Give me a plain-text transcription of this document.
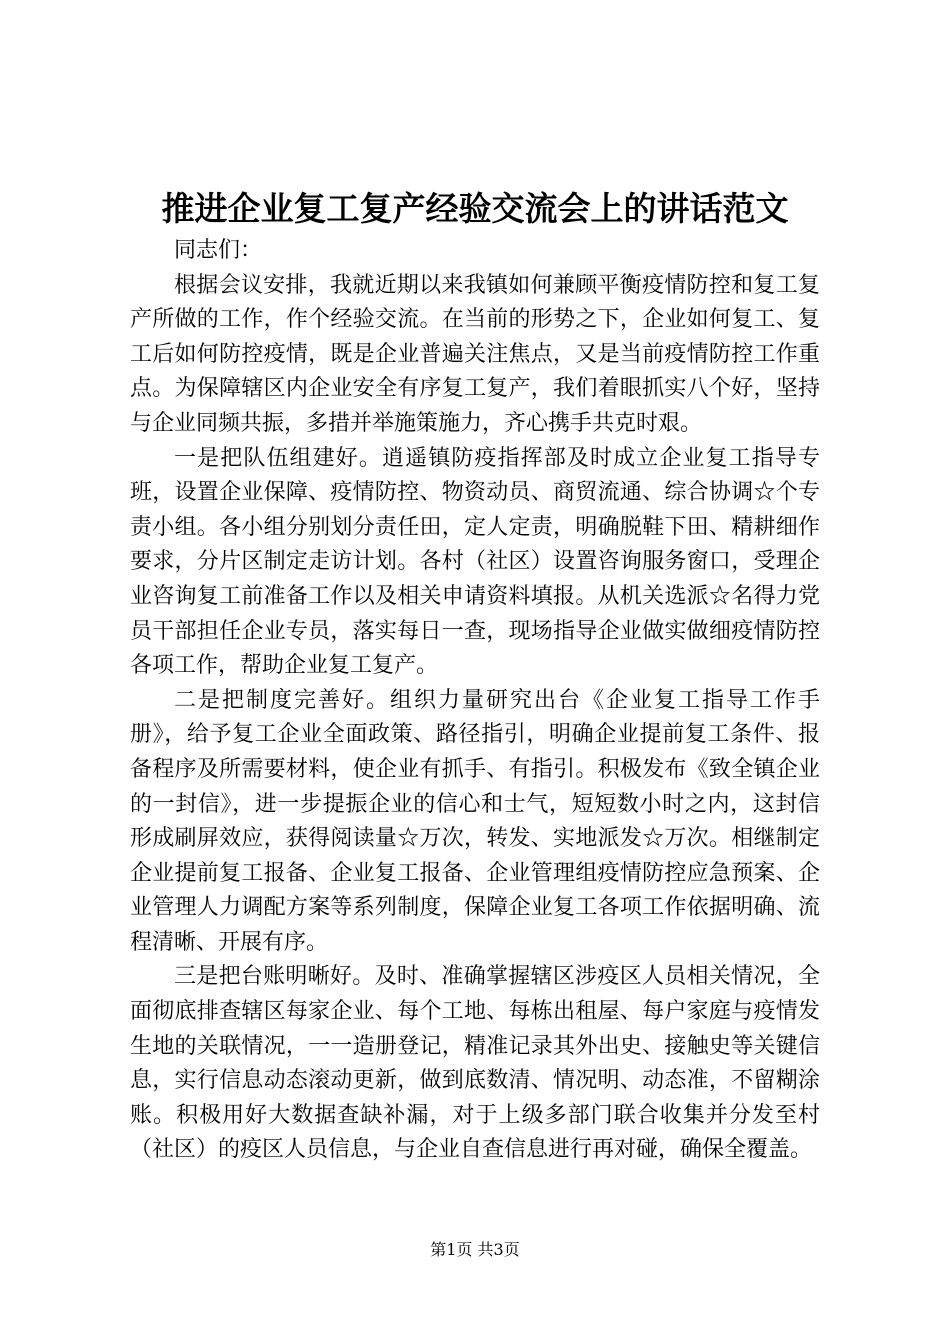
推进企业复工复产经验交流会上的讲话范文

同志们：

根据会议安排，我就近期以来我镇如何兼顾平衡疫情防控和复工复产所做的工作，作个经验交流。在当前的形势之下，企业如何复工、复工后如何防控疫情，既是企业普遍关注焦点，又是当前疫情防控工作重点。为保障辖区内企业安全有序复工复产，我们着眼抓实八个好，坚持与企业同频共振，多措并举施策施力，齐心携手共克时艰。

一是把队伍组建好。逍遥镇防疫指挥部及时成立企业复工指导专班，设置企业保障、疫情防控、物资动员、商贸流通、综合协调☆个专责小组。各小组分别划分责任田，定人定责，明确脱鞋下田、精耕细作要求，分片区制定走访计划。各村（社区）设置咨询服务窗口，受理企业咨询复工前准备工作以及相关申请资料填报。从机关选派☆名得力党员干部担任企业专员，落实每日一查，现场指导企业做实做细疫情防控各项工作，帮助企业复工复产。

二是把制度完善好。组织力量研究出台《企业复工指导工作手册》，给予复工企业全面政策、路径指引，明确企业提前复工条件、报备程序及所需要材料，使企业有抓手、有指引。积极发布《致全镇企业的一封信》，进一步提振企业的信心和士气，短短数小时之内，这封信形成刷屏效应，获得阅读量☆万次，转发、实地派发☆万次。相继制定企业提前复工报备、企业复工报备、企业管理组疫情防控应急预案、企业管理人力调配方案等系列制度，保障企业复工各项工作依据明确、流程清晰、开展有序。

三是把台账明晰好。及时、准确掌握辖区涉疫区人员相关情况，全面彻底排查辖区每家企业、每个工地、每栋出租屋、每户家庭与疫情发生地的关联情况，一一造册登记，精准记录其外出史、接触史等关键信息，实行信息动态滚动更新，做到底数清、情况明、动态准，不留糊涂账。积极用好大数据查缺补漏，对于上级多部门联合收集并分发至村（社区）的疫区人员信息，与企业自查信息进行再对碰，确保全覆盖。

第1页 共3页
